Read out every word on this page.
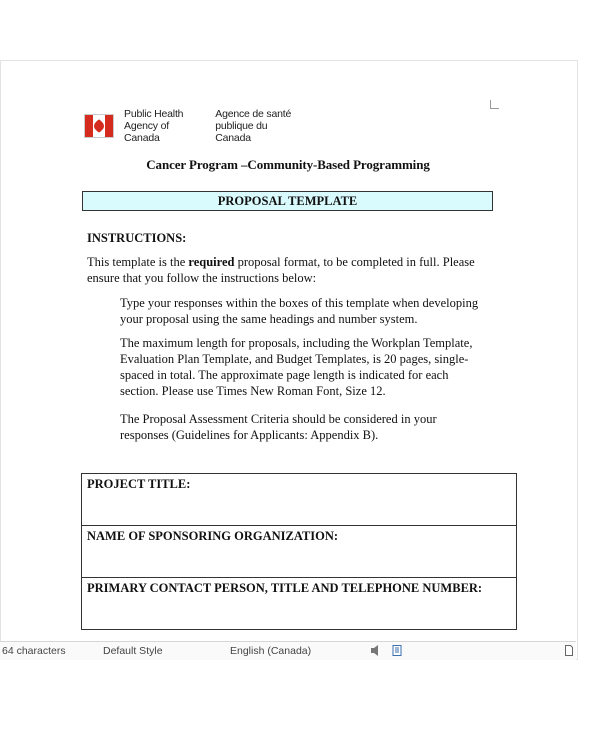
Public Health
Agency of Canada
Agence de santé
publique du Canada
Cancer Program –Community-Based Programming
PROPOSAL TEMPLATE
INSTRUCTIONS:
This template is the required proposal format, to be completed in full. Please ensure that you follow the instructions below:
Type your responses within the boxes of this template when developing your proposal using the same headings and number system.
The maximum length for proposals, including the Workplan Template, Evaluation Plan Template, and Budget Templates, is 20 pages, single-spaced in total. The approximate page length is indicated for each section. Please use Times New Roman Font, Size 12.
The Proposal Assessment Criteria should be considered in your responses (Guidelines for Applicants: Appendix B).
PROJECT TITLE:
NAME OF SPONSORING ORGANIZATION:
PRIMARY CONTACT PERSON, TITLE AND TELEPHONE NUMBER:
64 characters	Default Style	English (Canada)
